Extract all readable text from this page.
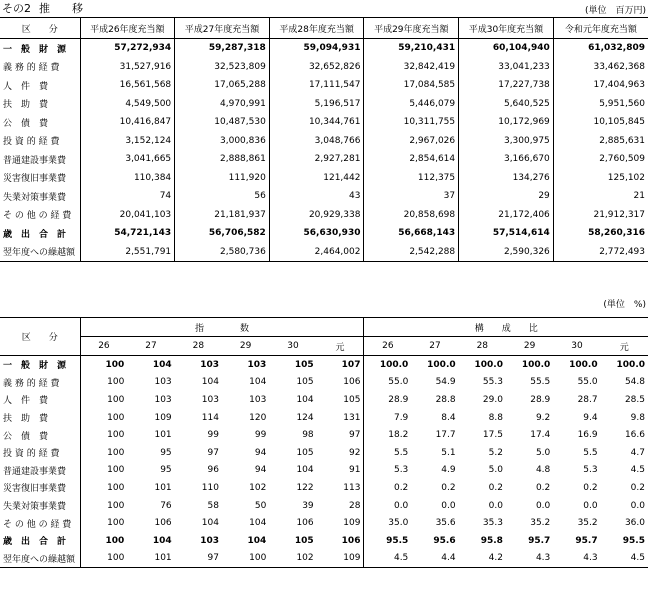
その2 推　　移	(単位　百万円)
区　　分	平成26年度充当額	平成27年度充当額	平成28年度充当額	平成29年度充当額	平成30年度充当額	令和元年度充当額
一　般　財　源	57,272,934	59,287,318	59,094,931	59,210,431	60,104,940	61,032,809
義 務 的 経 費	31,527,916	32,523,809	32,652,826	32,842,419	33,041,233	33,462,368
人　件　費	16,561,568	17,065,288	17,111,547	17,084,585	17,227,738	17,404,963
扶　助　費	4,549,500	4,970,991	5,196,517	5,446,079	5,640,525	5,951,560
公　債　費	10,416,847	10,487,530	10,344,761	10,311,755	10,172,969	10,105,845
投 資 的 経 費	3,152,124	3,000,836	3,048,766	2,967,026	3,300,975	2,885,631
普通建設事業費	3,041,665	2,888,861	2,927,281	2,854,614	3,166,670	2,760,509
災害復旧事業費	110,384	111,920	121,442	112,375	134,276	125,102
失業対策事業費	74	56	43	37	29	21
そ の 他 の 経 費	20,041,103	21,181,937	20,929,338	20,858,698	21,172,406	21,912,317
歳　出　合　計	54,721,143	56,706,582	56,630,930	56,668,143	57,514,614	58,260,316
翌年度への繰越額	2,551,791	2,580,736	2,464,002	2,542,288	2,590,326	2,772,493
(単位　%)
区　　分	指　　　　数						構　　成　　比					
	26	27	28	29	30	元	26	27	28	29	30	元
一　般　財　源	100	104	103	103	105	107	100.0	100.0	100.0	100.0	100.0	100.0
義 務 的 経 費	100	103	104	104	105	106	55.0	54.9	55.3	55.5	55.0	54.8
人　件　費	100	103	103	103	104	105	28.9	28.8	29.0	28.9	28.7	28.5
扶　助　費	100	109	114	120	124	131	7.9	8.4	8.8	9.2	9.4	9.8
公　債　費	100	101	99	99	98	97	18.2	17.7	17.5	17.4	16.9	16.6
投 資 的 経 費	100	95	97	94	105	92	5.5	5.1	5.2	5.0	5.5	4.7
普通建設事業費	100	95	96	94	104	91	5.3	4.9	5.0	4.8	5.3	4.5
災害復旧事業費	100	101	110	102	122	113	0.2	0.2	0.2	0.2	0.2	0.2
失業対策事業費	100	76	58	50	39	28	0.0	0.0	0.0	0.0	0.0	0.0
そ の 他 の 経 費	100	106	104	104	106	109	35.0	35.6	35.3	35.2	35.2	36.0
歳　出　合　計	100	104	103	104	105	106	95.5	95.6	95.8	95.7	95.7	95.5
翌年度への繰越額	100	101	97	100	102	109	4.5	4.4	4.2	4.3	4.3	4.5
